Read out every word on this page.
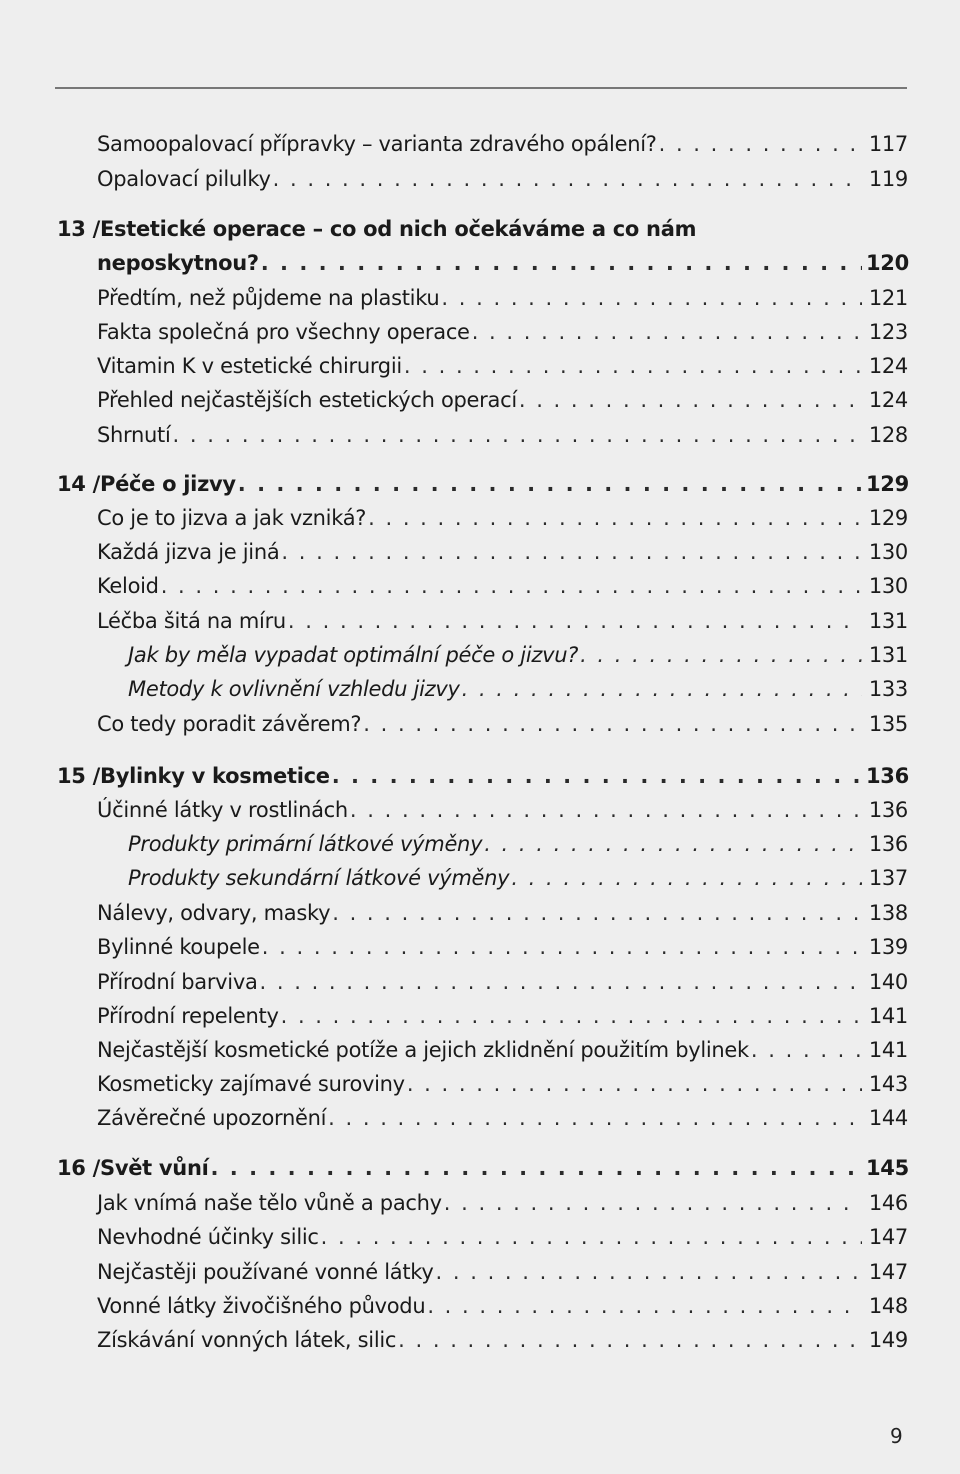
Samoopalovací přípravky – varianta zdravého opálení? . . .	117
Opalovací pilulky . . .	119
13 /Estetické operace – co od nich očekáváme a co nám
neposkytnou? . . .	120
Předtím, než půjdeme na plastiku . . .	121
Fakta společná pro všechny operace . . .	123
Vitamin K v estetické chirurgii . . .	124
Přehled nejčastějších estetických operací . . .	124
Shrnutí . . .	128
14 /Péče o jizvy . . .	129
Co je to jizva a jak vzniká? . . .	129
Každá jizva je jiná . . .	130
Keloid . . .	130
Léčba šitá na míru . . .	131
Jak by měla vypadat optimální péče o jizvu? . . .	131
Metody k ovlivnění vzhledu jizvy . . .	133
Co tedy poradit závěrem? . . .	135
15 /Bylinky v kosmetice . . .	136
Účinné látky v rostlinách . . .	136
Produkty primární látkové výměny . . .	136
Produkty sekundární látkové výměny . . .	137
Nálevy, odvary, masky . . .	138
Bylinné koupele . . .	139
Přírodní barviva . . .	140
Přírodní repelenty . . .	141
Nejčastější kosmetické potíže a jejich zklidnění použitím bylinek . . .	141
Kosmeticky zajímavé suroviny . . .	143
Závěrečné upozornění . . .	144
16 /Svět vůní . . .	145
Jak vnímá naše tělo vůně a pachy . . .	146
Nevhodné účinky silic . . .	147
Nejčastěji používané vonné látky . . .	147
Vonné látky živočišného původu . . .	148
Získávání vonných látek, silic . . .	149
9
